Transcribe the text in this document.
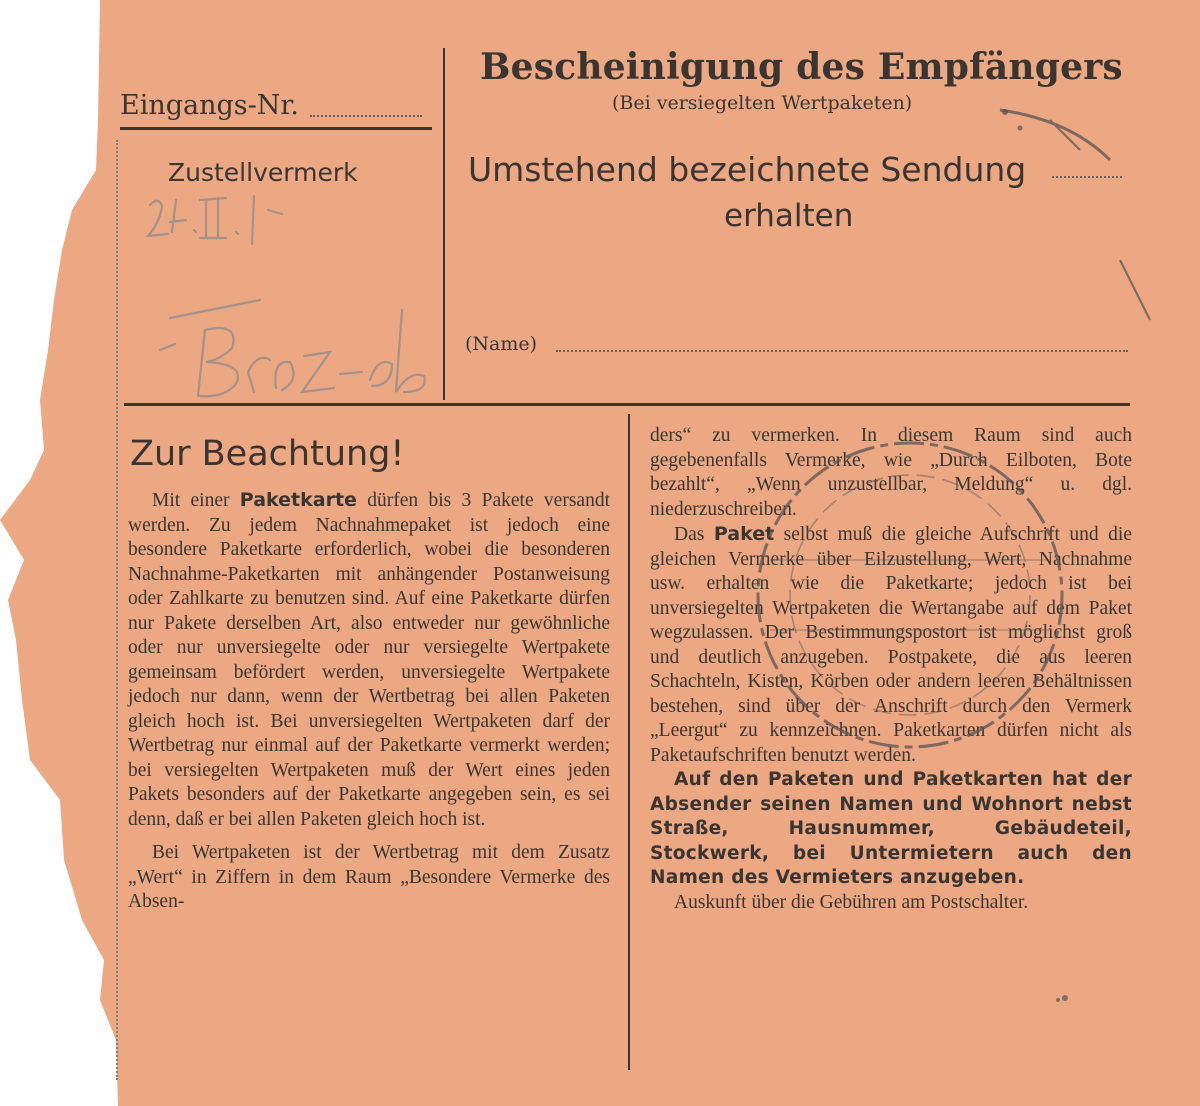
Eingangs-Nr.
Zustellvermerk
Bescheinigung des Empfängers
(Bei versiegelten Wertpaketen)
Umstehend bezeichnete Sendung
erhalten
(Name)
Zur Beachtung!

Mit einer Paketkarte dürfen bis 3 Pakete versandt werden. Zu jedem Nachnahmepaket ist jedoch eine besondere Paketkarte erforderlich, wobei die besonderen Nachnahme-Paketkarten mit anhängender Postanweisung oder Zahlkarte zu benutzen sind. Auf eine Paketkarte dürfen nur Pakete derselben Art, also entweder nur gewöhnliche oder nur unversiegelte oder nur versiegelte Wertpakete gemeinsam befördert werden, unversiegelte Wertpakete jedoch nur dann, wenn der Wertbetrag bei allen Paketen gleich hoch ist. Bei unversiegelten Wertpaketen darf der Wertbetrag nur einmal auf der Paketkarte vermerkt werden; bei versiegelten Wertpaketen muß der Wert eines jeden Pakets besonders auf der Paketkarte angegeben sein, es sei denn, daß er bei allen Paketen gleich hoch ist.

Bei Wertpaketen ist der Wertbetrag mit dem Zusatz „Wert“ in Ziffern in dem Raum „Besondere Vermerke des Absen-

ders“ zu vermerken. In diesem Raum sind auch gegebenenfalls Vermerke, wie „Durch Eilboten, Bote bezahlt“, „Wenn unzustellbar, Meldung“ u. dgl. niederzuschreiben.

Das Paket selbst muß die gleiche Aufschrift und die gleichen Vermerke über Eilzustellung, Wert, Nachnahme usw. erhalten wie die Paketkarte; jedoch ist bei unversiegelten Wertpaketen die Wertangabe auf dem Paket wegzulassen. Der Bestimmungspostort ist möglichst groß und deutlich anzugeben. Postpakete, die aus leeren Schachteln, Kisten, Körben oder andern leeren Behältnissen bestehen, sind über der Anschrift durch den Vermerk „Leergut“ zu kennzeichnen. Paketkarten dürfen nicht als Paketaufschriften benutzt werden.

Auf den Paketen und Paketkarten hat der Absender seinen Namen und Wohnort nebst Straße, Hausnummer, Gebäudeteil, Stockwerk, bei Untermietern auch den Namen des Vermieters anzugeben.

Auskunft über die Gebühren am Postschalter.
